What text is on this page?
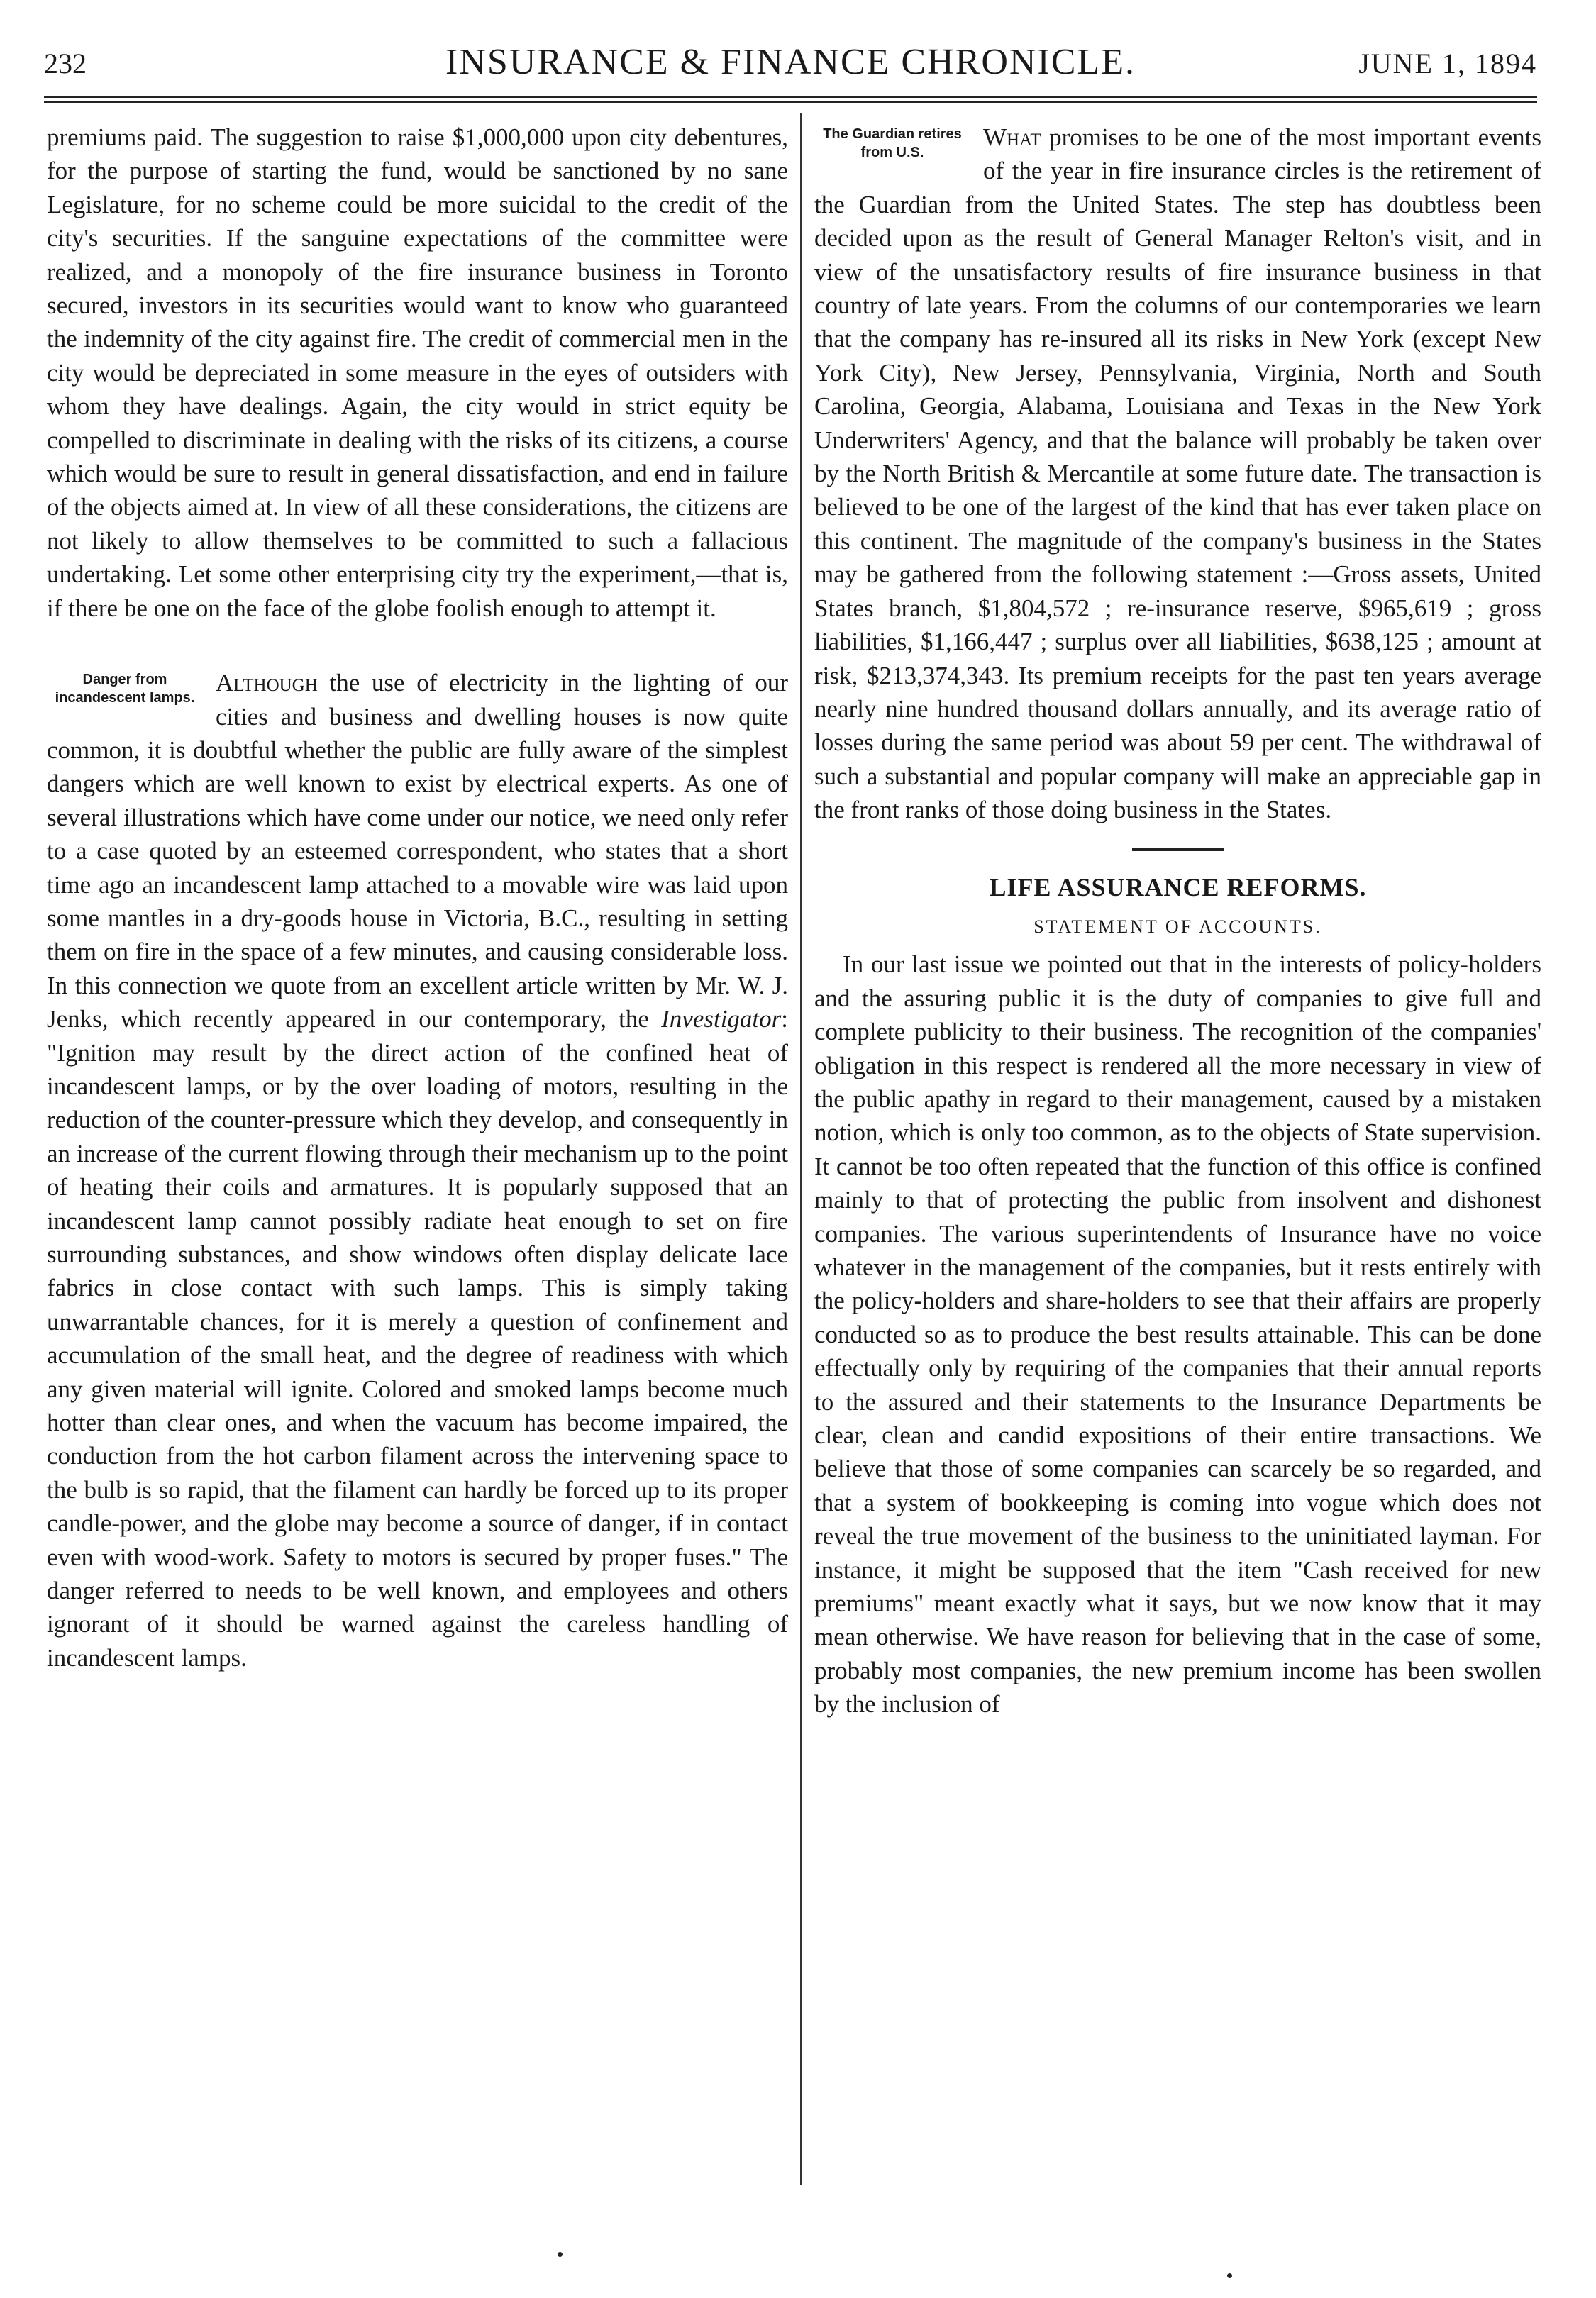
232	INSURANCE & FINANCE CHRONICLE.	JUNE 1, 1894

premiums paid. The suggestion to raise $1,000,000 upon city debentures, for the purpose of starting the fund, would be sanctioned by no sane Legislature, for no scheme could be more suicidal to the credit of the city's securities. If the sanguine expectations of the committee were realized, and a monopoly of the fire insurance business in Toronto secured, investors in its securities would want to know who guaranteed the indemnity of the city against fire. The credit of commercial men in the city would be depreciated in some measure in the eyes of outsiders with whom they have dealings. Again, the city would in strict equity be compelled to discriminate in dealing with the risks of its citizens, a course which would be sure to result in general dissatisfaction, and end in failure of the objects aimed at. In view of all these considerations, the citizens are not likely to allow themselves to be committed to such a fallacious undertaking. Let some other enterprising city try the experiment,—that is, if there be one on the face of the globe foolish enough to attempt it.

Danger from incandescent lamps.

Although the use of electricity in the lighting of our cities and business and dwelling houses is now quite common, it is doubtful whether the public are fully aware of the simplest dangers which are well known to exist by electrical experts. As one of several illustrations which have come under our notice, we need only refer to a case quoted by an esteemed correspondent, who states that a short time ago an incandescent lamp attached to a movable wire was laid upon some mantles in a dry-goods house in Victoria, B.C., resulting in setting them on fire in the space of a few minutes, and causing considerable loss. In this connection we quote from an excellent article written by Mr. W. J. Jenks, which recently appeared in our contemporary, the Investigator: "Ignition may result by the direct action of the confined heat of incandescent lamps, or by the over loading of motors, resulting in the reduction of the counter-pressure which they develop, and consequently in an increase of the current flowing through their mechanism up to the point of heating their coils and armatures. It is popularly supposed that an incandescent lamp cannot possibly radiate heat enough to set on fire surrounding substances, and show windows often display delicate lace fabrics in close contact with such lamps. This is simply taking unwarrantable chances, for it is merely a question of confinement and accumulation of the small heat, and the degree of readiness with which any given material will ignite. Colored and smoked lamps become much hotter than clear ones, and when the vacuum has become impaired, the conduction from the hot carbon filament across the intervening space to the bulb is so rapid, that the filament can hardly be forced up to its proper candle-power, and the globe may become a source of danger, if in contact even with wood-work. Safety to motors is secured by proper fuses." The danger referred to needs to be well known, and employees and others ignorant of it should be warned against the careless handling of incandescent lamps.

The Guardian retires from U.S.

What promises to be one of the most important events of the year in fire insurance circles is the retirement of the Guardian from the United States. The step has doubtless been decided upon as the result of General Manager Relton's visit, and in view of the unsatisfactory results of fire insurance business in that country of late years. From the columns of our contemporaries we learn that the company has re-insured all its risks in New York (except New York City), New Jersey, Pennsylvania, Virginia, North and South Carolina, Georgia, Alabama, Louisiana and Texas in the New York Underwriters' Agency, and that the balance will probably be taken over by the North British & Mercantile at some future date. The transaction is believed to be one of the largest of the kind that has ever taken place on this continent. The magnitude of the company's business in the States may be gathered from the following statement :—Gross assets, United States branch, $1,804,572 ; re-insurance reserve, $965,619 ; gross liabilities, $1,166,447 ; surplus over all liabilities, $638,125 ; amount at risk, $213,374,343. Its premium receipts for the past ten years average nearly nine hundred thousand dollars annually, and its average ratio of losses during the same period was about 59 per cent. The withdrawal of such a substantial and popular company will make an appreciable gap in the front ranks of those doing business in the States.

LIFE ASSURANCE REFORMS.
STATEMENT OF ACCOUNTS.

In our last issue we pointed out that in the interests of policy-holders and the assuring public it is the duty of companies to give full and complete publicity to their business. The recognition of the companies' obligation in this respect is rendered all the more necessary in view of the public apathy in regard to their management, caused by a mistaken notion, which is only too common, as to the objects of State supervision. It cannot be too often repeated that the function of this office is confined mainly to that of protecting the public from insolvent and dishonest companies. The various superintendents of Insurance have no voice whatever in the management of the companies, but it rests entirely with the policy-holders and share-holders to see that their affairs are properly conducted so as to produce the best results attainable. This can be done effectually only by requiring of the companies that their annual reports to the assured and their statements to the Insurance Departments be clear, clean and candid expositions of their entire transactions. We believe that those of some companies can scarcely be so regarded, and that a system of bookkeeping is coming into vogue which does not reveal the true movement of the business to the uninitiated layman. For instance, it might be supposed that the item "Cash received for new premiums" meant exactly what it says, but we now know that it may mean otherwise. We have reason for believing that in the case of some, probably most companies, the new premium income has been swollen by the inclusion of
